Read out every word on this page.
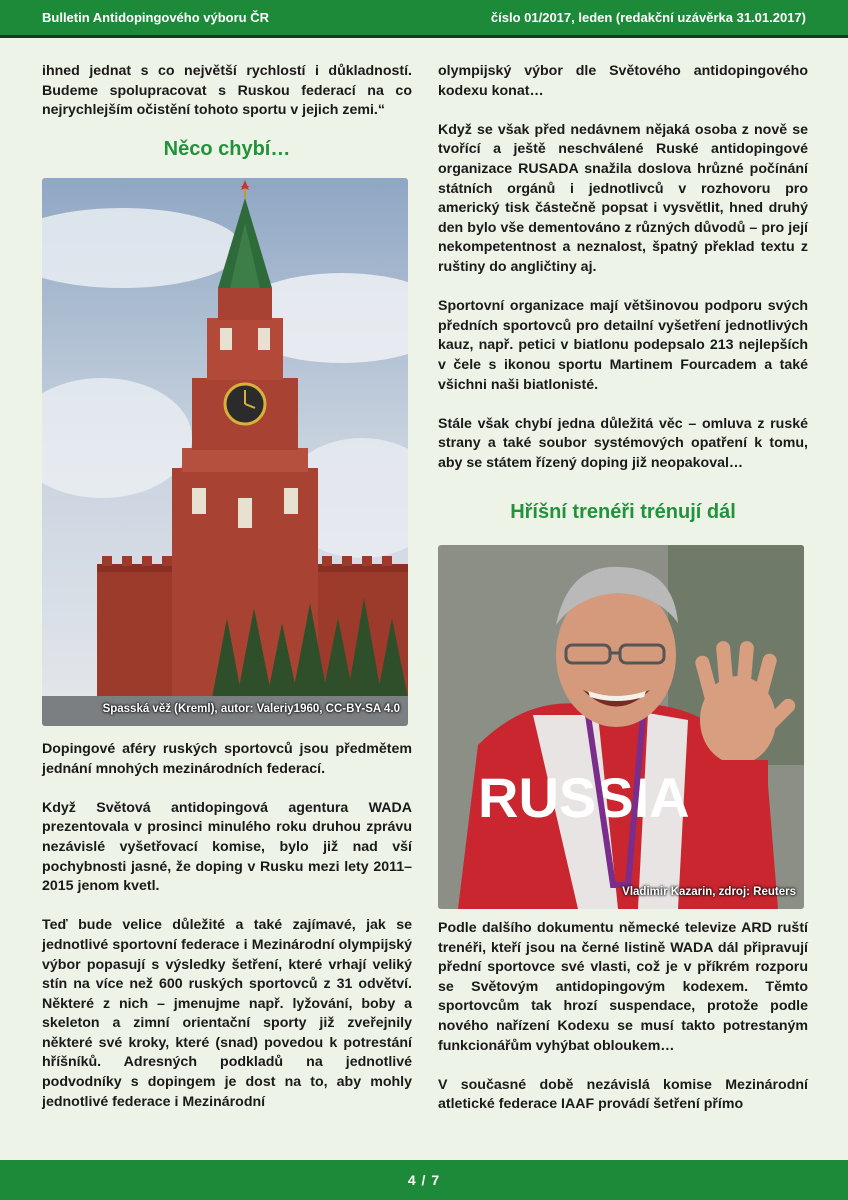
Bulletin Antidopingového výboru ČR	číslo 01/2017, leden (redakční uzávěrka 31.01.2017)

ihned jednat s co největší rychlostí i důkladností. Budeme spolupracovat s Ruskou federací na co nejrychlejším očistění tohoto sportu v jejich zemi.“

Něco chybí…
Spasská věž (Kreml), autor: Valeriy1960, CC-BY-SA 4.0

Dopingové aféry ruských sportovců jsou předmětem jednání mnohých mezinárodních federací.

Když Světová antidopingová agentura WADA prezentovala v prosinci minulého roku druhou zprávu nezávislé vyšetřovací komise, bylo již nad vší pochybnosti jasné, že doping v Rusku mezi lety 2011–2015 jenom kvetl.

Teď bude velice důležité a také zajímavé, jak se jednotlivé sportovní federace i Mezinárodní olympijský výbor popasují s výsledky šetření, které vrhají veliký stín na více než 600 ruských sportovců z 31 odvětví. Některé z nich – jmenujme např. lyžování, boby a skeleton a zimní orientační sporty již zveřejnily některé své kroky, které (snad) povedou k potrestání hříšníků. Adresných podkladů na jednotlivé podvodníky s dopingem je dost na to, aby mohly jednotlivé federace i Mezinárodní

olympijský výbor dle Světového antidopingového kodexu konat…

Když se však před nedávnem nějaká osoba z nově se tvořící a ještě neschválené Ruské antidopingové organizace RUSADA snažila doslova hrůzné počínání státních orgánů i jednotlivců v rozhovoru pro americký tisk částečně popsat i vysvětlit, hned druhý den bylo vše dementováno z různých důvodů – pro její nekompetentnost a neznalost, špatný překlad textu z ruštiny do angličtiny aj.

Sportovní organizace mají většinovou podporu svých předních sportovců pro detailní vyšetření jednotlivých kauz, např. petici v biatlonu podepsalo 213 nejlepších v čele s ikonou sportu Martinem Fourcadem a také všichni naši biatlonisté.

Stále však chybí jedna důležitá věc – omluva z ruské strany a také soubor systémových opatření k tomu, aby se státem řízený doping již neopakoval…

Hříšní trenéři trénují dál
RUSSIA
Vladimir Kazarin, zdroj: Reuters

Podle dalšího dokumentu německé televize ARD ruští trenéři, kteří jsou na černé listině WADA dál připravují přední sportovce své vlasti, což je v příkrém rozporu se Světovým antidopingovým kodexem. Těmto sportovcům tak hrozí suspendace, protože podle nového nařízení Kodexu se musí takto potrestaným funkcionářům vyhýbat obloukem…

V současné době nezávislá komise Mezinárodní atletické federace IAAF provádí šetření přímo

4 / 7
